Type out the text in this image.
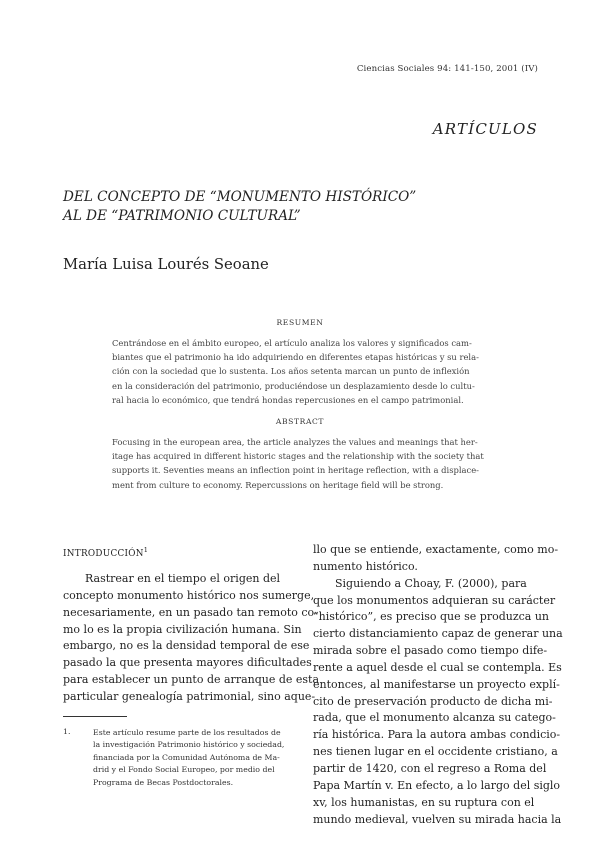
Ciencias Sociales 94: 141-150, 2001 (IV)
ARTÍCULOS
DEL CONCEPTO DE “MONUMENTO HISTÓRICO”
AL DE “PATRIMONIO CULTURAL”
María Luisa Lourés Seoane
RESUMEN
Centrándose en el ámbito europeo, el artículo analiza los valores y significados cam-
biantes que el patrimonio ha ido adquiriendo en diferentes etapas históricas y su rela-
ción con la sociedad que lo sustenta. Los años setenta marcan un punto de inflexión
en la consideración del patrimonio, produciéndose un desplazamiento desde lo cultu-
ral hacia lo económico, que tendrá hondas repercusiones en el campo patrimonial.
ABSTRACT
Focusing in the european area, the article analyzes the values and meanings that her-
itage has acquired in different historic stages and the relationship with the society that
supports it. Seventies means an inflection point in heritage reflection, with a displace-
ment from culture to economy. Repercussions on heritage field will be strong.
INTRODUCCIÓN$^1$
Rastrear en el tiempo el origen del
concepto monumento histórico nos sumerge,
necesariamente, en un pasado tan remoto co-
mo lo es la propia civilización humana. Sin
embargo, no es la densidad temporal de ese
pasado la que presenta mayores dificultades
para establecer un punto de arranque de esta
particular genealogía patrimonial, sino aque-
llo que se entiende, exactamente, como mo-
numento histórico.
Siguiendo a Choay, F. (2000), para
que los monumentos adquieran su carácter
“histórico”, es preciso que se produzca un
cierto distanciamiento capaz de generar una
mirada sobre el pasado como tiempo dife-
rente a aquel desde el cual se contempla. Es
entonces, al manifestarse un proyecto explí-
cito de preservación producto de dicha mi-
rada, que el monumento alcanza su catego-
ría histórica. Para la autora ambas condicio-
nes tienen lugar en el occidente cristiano, a
partir de 1420, con el regreso a Roma del
Papa Martín v. En efecto, a lo largo del siglo
xv, los humanistas, en su ruptura con el
mundo medieval, vuelven su mirada hacia la
1.	Este artículo resume parte de los resultados de
la investigación Patrimonio histórico y sociedad,
financiada por la Comunidad Autónoma de Ma-
drid y el Fondo Social Europeo, por medio del
Programa de Becas Postdoctorales.
